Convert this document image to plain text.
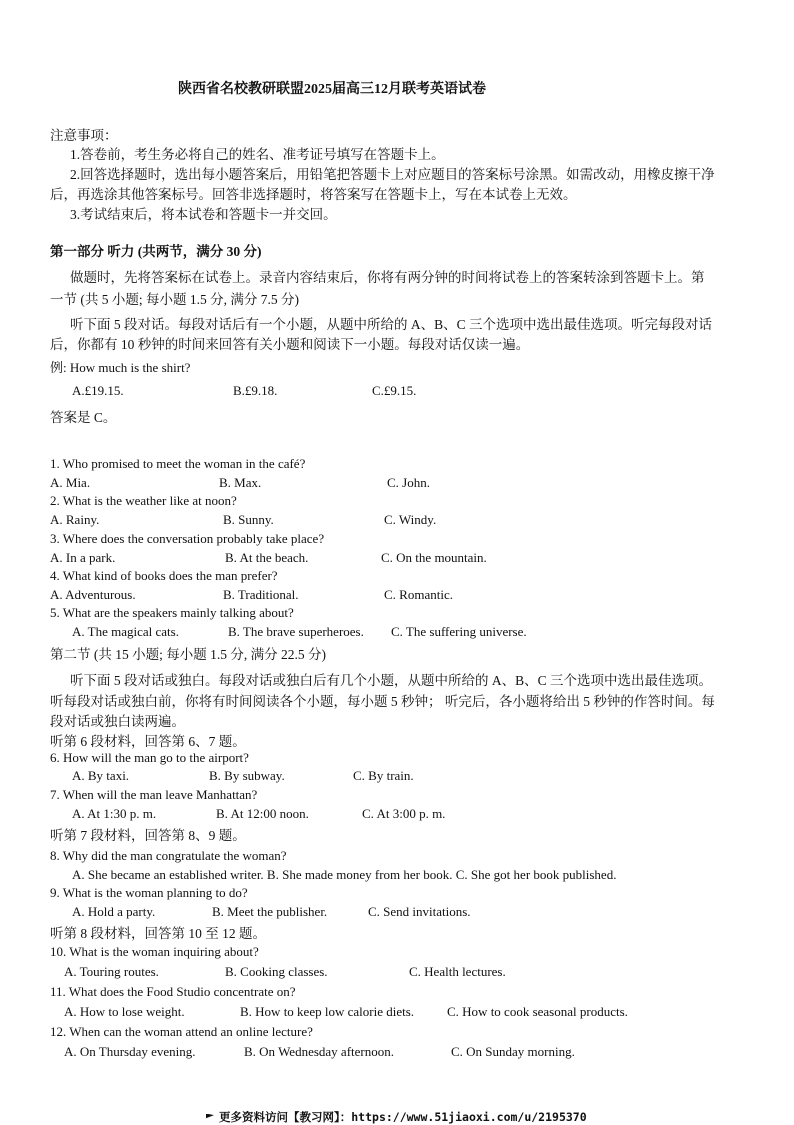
陕西省名校教研联盟2025届高三12月联考英语试卷
注意事项：
1.答卷前，考生务必将自己的姓名、准考证号填写在答题卡上。
2.回答选择题时，选出每小题答案后，用铅笔把答题卡上对应题目的答案标号涂黑。如需改动，用橡皮擦干净
后，再选涂其他答案标号。回答非选择题时，将答案写在答题卡上，写在本试卷上无效。
3.考试结束后，将本试卷和答题卡一并交回。
第一部分 听力 (共两节，满分 30 分)
做题时，先将答案标在试卷上。录音内容结束后，你将有两分钟的时间将试卷上的答案转涂到答题卡上。第
一节 (共 5 小题; 每小题 1.5 分, 满分 7.5 分)
听下面 5 段对话。每段对话后有一个小题，从题中所给的 A、B、C 三个选项中选出最佳选项。听完每段对话
后，你都有 10 秒钟的时间来回答有关小题和阅读下一小题。每段对话仅读一遍。
例: How much is the shirt?
A.£19.15.	B.£9.18.	C.£9.15.
答案是 C。
1. Who promised to meet the woman in the café?
A. Mia.	B. Max.	C. John.
2. What is the weather like at noon?
A. Rainy.	B. Sunny.	C. Windy.
3. Where does the conversation probably take place?
A. In a park.	B. At the beach.	C. On the mountain.
4. What kind of books does the man prefer?
A. Adventurous.	B. Traditional.	C. Romantic.
5. What are the speakers mainly talking about?
A. The magical cats.	B. The brave superheroes. C. The suffering universe.
第二节 (共 15 小题; 每小题 1.5 分, 满分 22.5 分)
听下面 5 段对话或独白。每段对话或独白后有几个小题，从题中所给的 A、B、C 三个选项中选出最佳选项。
听每段对话或独白前，你将有时间阅读各个小题，每小题 5 秒钟； 听完后，各小题将给出 5 秒钟的作答时间。每
段对话或独白读两遍。
听第 6 段材料，回答第 6、7 题。
6. How will the man go to the airport?
A. By taxi.	B. By subway.	C. By train.
7. When will the man leave Manhattan?
A. At 1:30 p. m.	B. At 12:00 noon.	C. At 3:00 p. m.
听第 7 段材料，回答第 8、9 题。
8. Why did the man congratulate the woman?
A. She became an established writer. B. She made money from her book. C. She got her book published.
9. What is the woman planning to do?
A. Hold a party.	B. Meet the publisher.	C. Send invitations.
听第 8 段材料，回答第 10 至 12 题。
10. What is the woman inquiring about?
A. Touring routes.	B. Cooking classes.	C. Health lectures.
11. What does the Food Studio concentrate on?
A. How to lose weight.	B. How to keep low calorie diets.	C. How to cook seasonal products.
12. When can the woman attend an online lecture?
A. On Thursday evening.	B. On Wednesday afternoon.	C. On Sunday morning.
更多资料访问【教习网】：https://www.51jiaoxi.com/u/2195370
